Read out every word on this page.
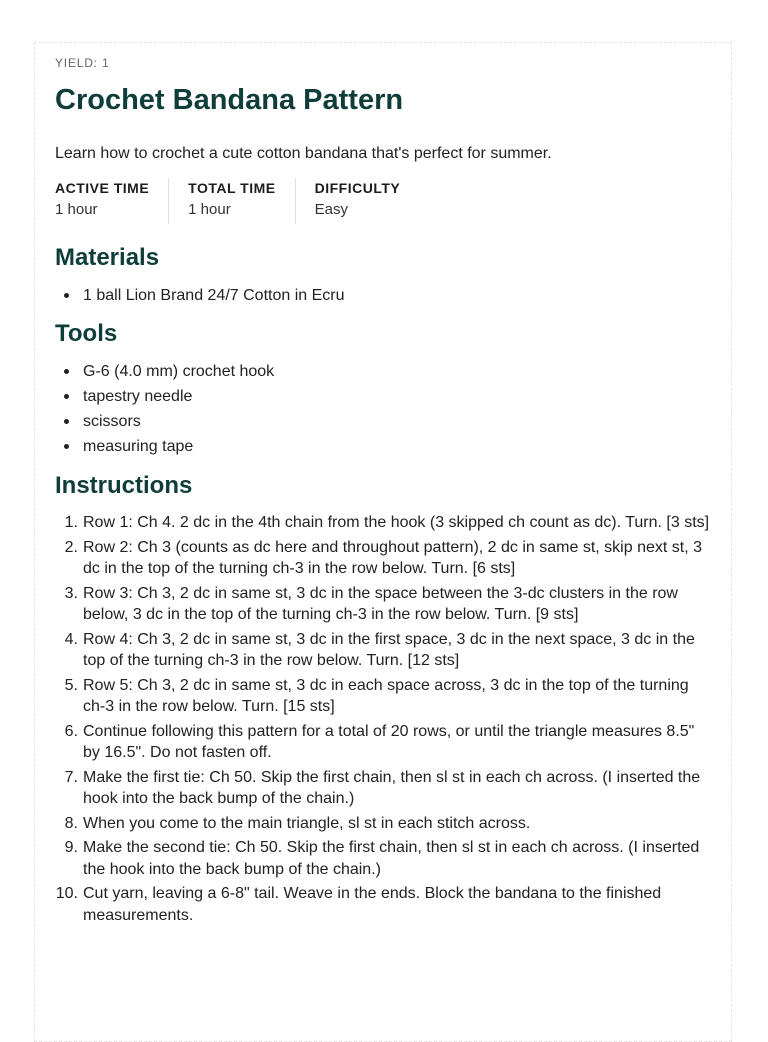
YIELD: 1
Crochet Bandana Pattern

Learn how to crochet a cute cotton bandana that's perfect for summer.

ACTIVE TIME
1 hour
TOTAL TIME
1 hour
DIFFICULTY
Easy
Materials
1 ball Lion Brand 24/7 Cotton in Ecru
Tools
G-6 (4.0 mm) crochet hook
tapestry needle
scissors
measuring tape
Instructions
1. Row 1: Ch 4. 2 dc in the 4th chain from the hook (3 skipped ch count as dc). Turn. [3 sts]
2. Row 2: Ch 3 (counts as dc here and throughout pattern), 2 dc in same st, skip next st, 3 dc in the top of the turning ch-3 in the row below. Turn. [6 sts]
3. Row 3: Ch 3, 2 dc in same st, 3 dc in the space between the 3-dc clusters in the row below, 3 dc in the top of the turning ch-3 in the row below. Turn. [9 sts]
4. Row 4: Ch 3, 2 dc in same st, 3 dc in the first space, 3 dc in the next space, 3 dc in the top of the turning ch-3 in the row below. Turn. [12 sts]
5. Row 5: Ch 3, 2 dc in same st, 3 dc in each space across, 3 dc in the top of the turning ch-3 in the row below. Turn. [15 sts]
6. Continue following this pattern for a total of 20 rows, or until the triangle measures 8.5" by 16.5". Do not fasten off.
7. Make the first tie: Ch 50. Skip the first chain, then sl st in each ch across. (I inserted the hook into the back bump of the chain.)
8. When you come to the main triangle, sl st in each stitch across.
9. Make the second tie: Ch 50. Skip the first chain, then sl st in each ch across. (I inserted the hook into the back bump of the chain.)
10. Cut yarn, leaving a 6-8" tail. Weave in the ends. Block the bandana to the finished measurements.
